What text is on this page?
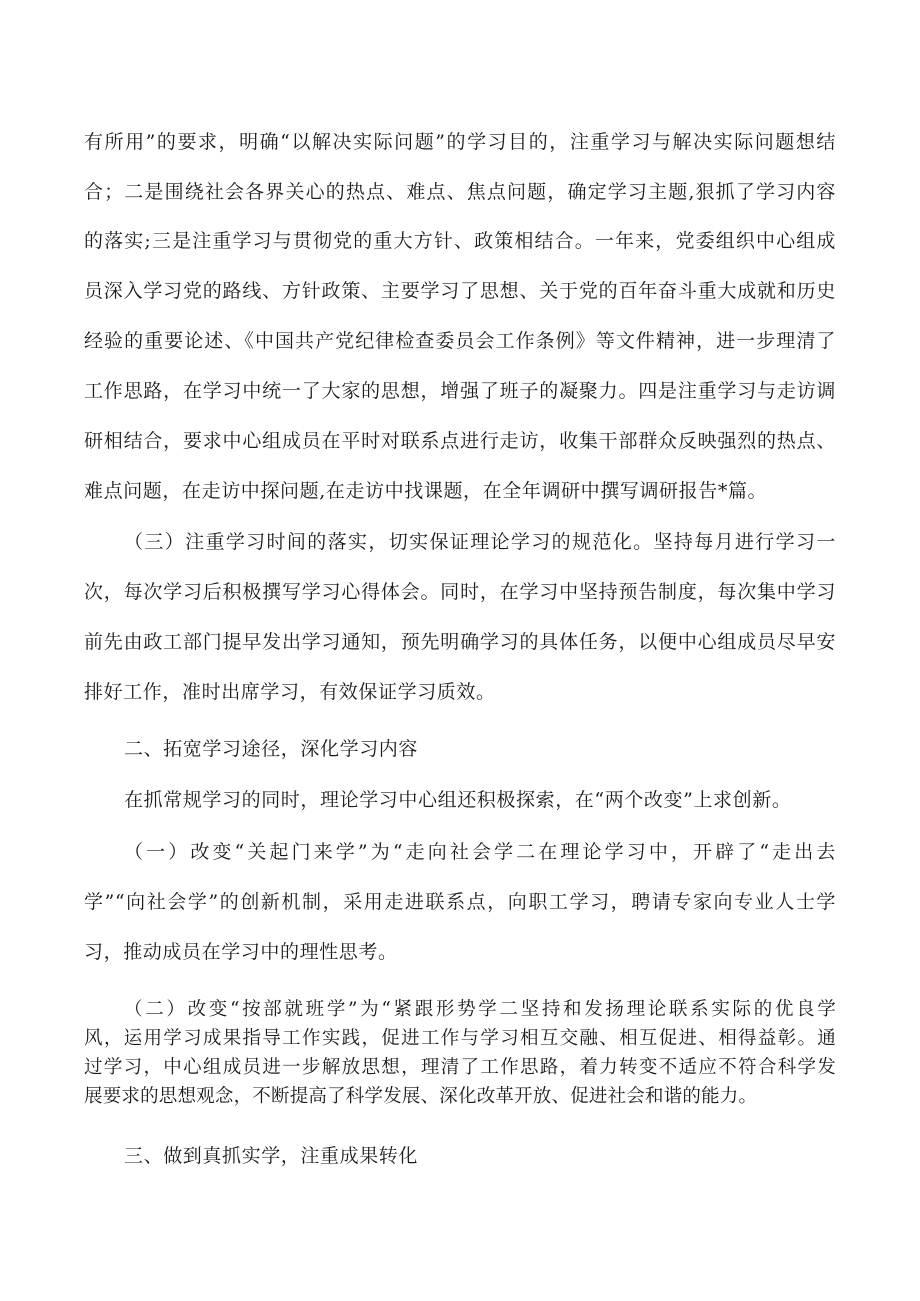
有所用”的要求，明确“以解决实际问题”的学习目的，注重学习与解决实际问题想结
合；二是围绕社会各界关心的热点、难点、焦点问题，确定学习主题,狠抓了学习内容
的落实;三是注重学习与贯彻党的重大方针、政策相结合。一年来，党委组织中心组成
员深入学习党的路线、方针政策、主要学习了思想、关于党的百年奋斗重大成就和历史
经验的重要论述、《中国共产党纪律检查委员会工作条例》等文件精神，进一步理清了
工作思路，在学习中统一了大家的思想，增强了班子的凝聚力。四是注重学习与走访调
研相结合，要求中心组成员在平时对联系点进行走访，收集干部群众反映强烈的热点、
难点问题，在走访中探问题,在走访中找课题，在全年调研中撰写调研报告*篇。
（三）注重学习时间的落实，切实保证理论学习的规范化。坚持每月进行学习一
次，每次学习后积极撰写学习心得体会。同时，在学习中坚持预告制度，每次集中学习
前先由政工部门提早发出学习通知，预先明确学习的具体任务，以便中心组成员尽早安
排好工作，准时出席学习，有效保证学习质效。
二、拓宽学习途径，深化学习内容
在抓常规学习的同时，理论学习中心组还积极探索，在“两个改变”上求创新。
（一）改变“关起门来学”为“走向社会学二在理论学习中，开辟了“走出去
学”“向社会学”的创新机制，采用走进联系点，向职工学习，聘请专家向专业人士学
习，推动成员在学习中的理性思考。
（二）改变“按部就班学”为“紧跟形势学二坚持和发扬理论联系实际的优良学
风，运用学习成果指导工作实践，促进工作与学习相互交融、相互促进、相得益彰。通
过学习，中心组成员进一步解放思想，理清了工作思路，着力转变不适应不符合科学发
展要求的思想观念，不断提高了科学发展、深化改革开放、促进社会和谐的能力。
三、做到真抓实学，注重成果转化
